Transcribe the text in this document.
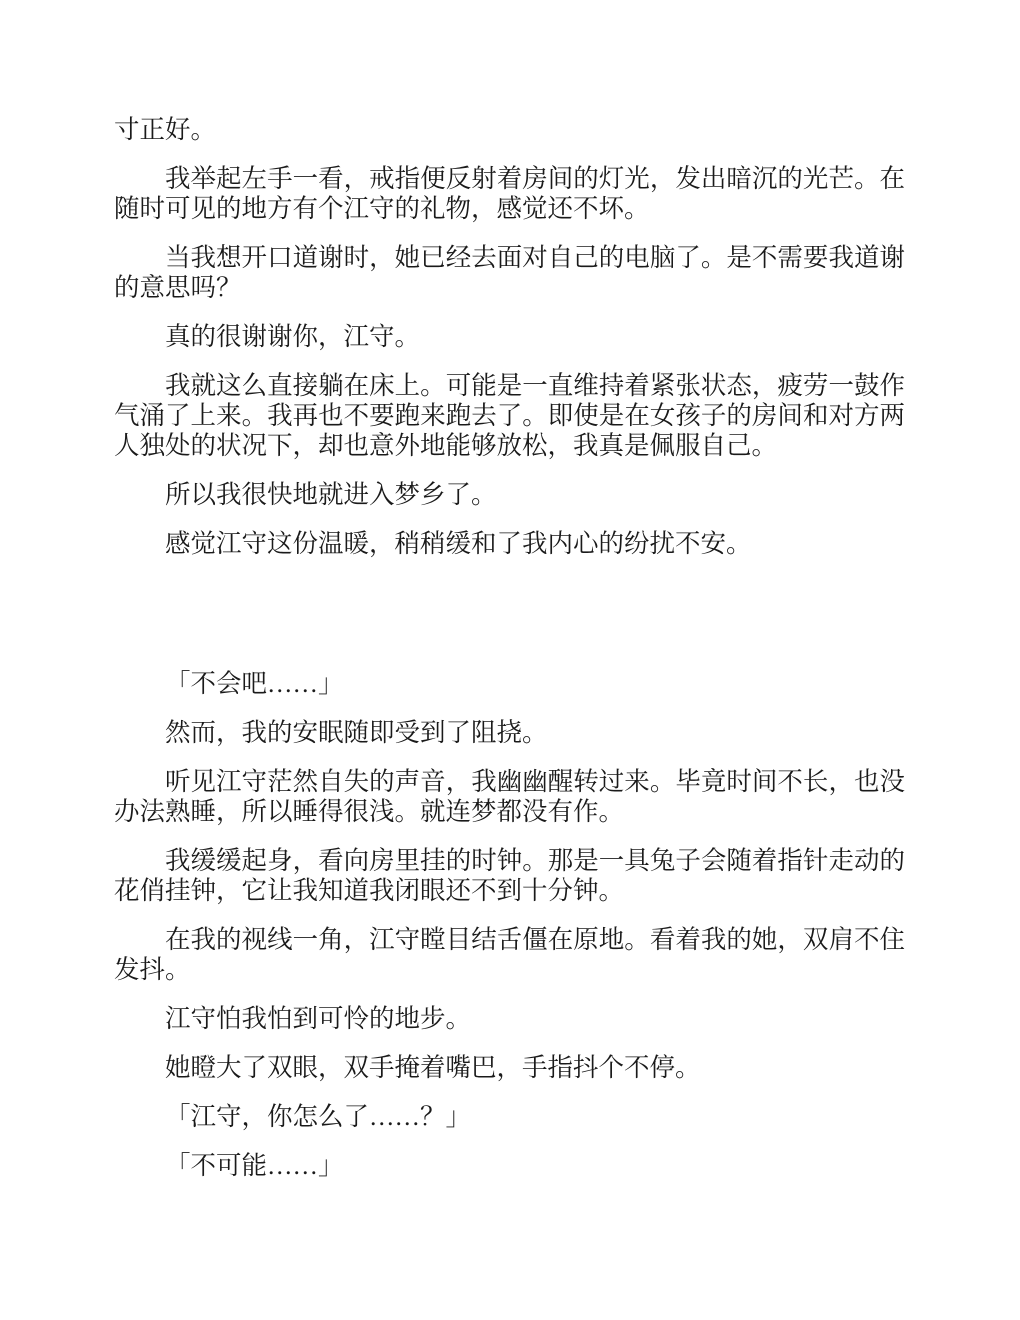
寸正好。

我举起左手一看，戒指便反射着房间的灯光，发出暗沉的光芒。在随时可见的地方有个江守的礼物，感觉还不坏。

当我想开口道谢时，她已经去面对自己的电脑了。是不需要我道谢的意思吗？

真的很谢谢你，江守。

我就这么直接躺在床上。可能是一直维持着紧张状态，疲劳一鼓作气涌了上来。我再也不要跑来跑去了。即使是在女孩子的房间和对方两人独处的状况下，却也意外地能够放松，我真是佩服自己。

所以我很快地就进入梦乡了。

感觉江守这份温暖，稍稍缓和了我内心的纷扰不安。

「不会吧……」

然而，我的安眠随即受到了阻挠。

听见江守茫然自失的声音，我幽幽醒转过来。毕竟时间不长，也没办法熟睡，所以睡得很浅。就连梦都没有作。

我缓缓起身，看向房里挂的时钟。那是一具兔子会随着指针走动的花俏挂钟，它让我知道我闭眼还不到十分钟。

在我的视线一角，江守瞠目结舌僵在原地。看着我的她，双肩不住发抖。

江守怕我怕到可怜的地步。

她瞪大了双眼，双手掩着嘴巴，手指抖个不停。

「江守，你怎么了……？」

「不可能……」
